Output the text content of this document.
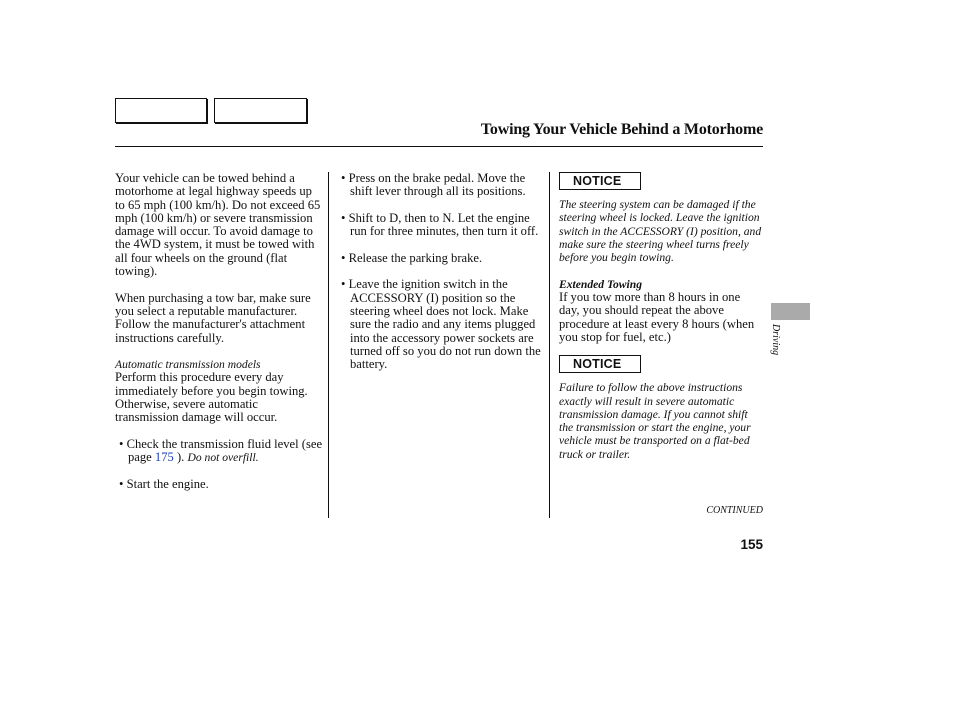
Towing Your Vehicle Behind a Motorhome

Your vehicle can be towed behind a motorhome at legal highway speeds up to 65 mph (100 km/h). Do not exceed 65 mph (100 km/h) or severe transmission damage will occur. To avoid damage to the 4WD system, it must be towed with all four wheels on the ground (flat towing).

When purchasing a tow bar, make sure you select a reputable manufacturer. Follow the manufacturer's attachment instructions carefully.

Automatic transmission models

Perform this procedure every day immediately before you begin towing. Otherwise, severe automatic transmission damage will occur.

• Check the transmission fluid level (see page 175 ). Do not overfill.

• Start the engine.

• Press on the brake pedal. Move the shift lever through all its positions.

• Shift to D, then to N. Let the engine run for three minutes, then turn it off.

• Release the parking brake.

• Leave the ignition switch in the ACCESSORY (I) position so the steering wheel does not lock. Make sure the radio and any items plugged into the accessory power sockets are turned off so you do not run down the battery.

NOTICE

The steering system can be damaged if the steering wheel is locked. Leave the ignition switch in the ACCESSORY (I) position, and make sure the steering wheel turns freely before you begin towing.

Extended Towing

If you tow more than 8 hours in one day, you should repeat the above procedure at least every 8 hours (when you stop for fuel, etc.)

NOTICE

Failure to follow the above instructions exactly will result in severe automatic transmission damage. If you cannot shift the transmission or start the engine, your vehicle must be transported on a flat-bed truck or trailer.

Driving
CONTINUED
155
